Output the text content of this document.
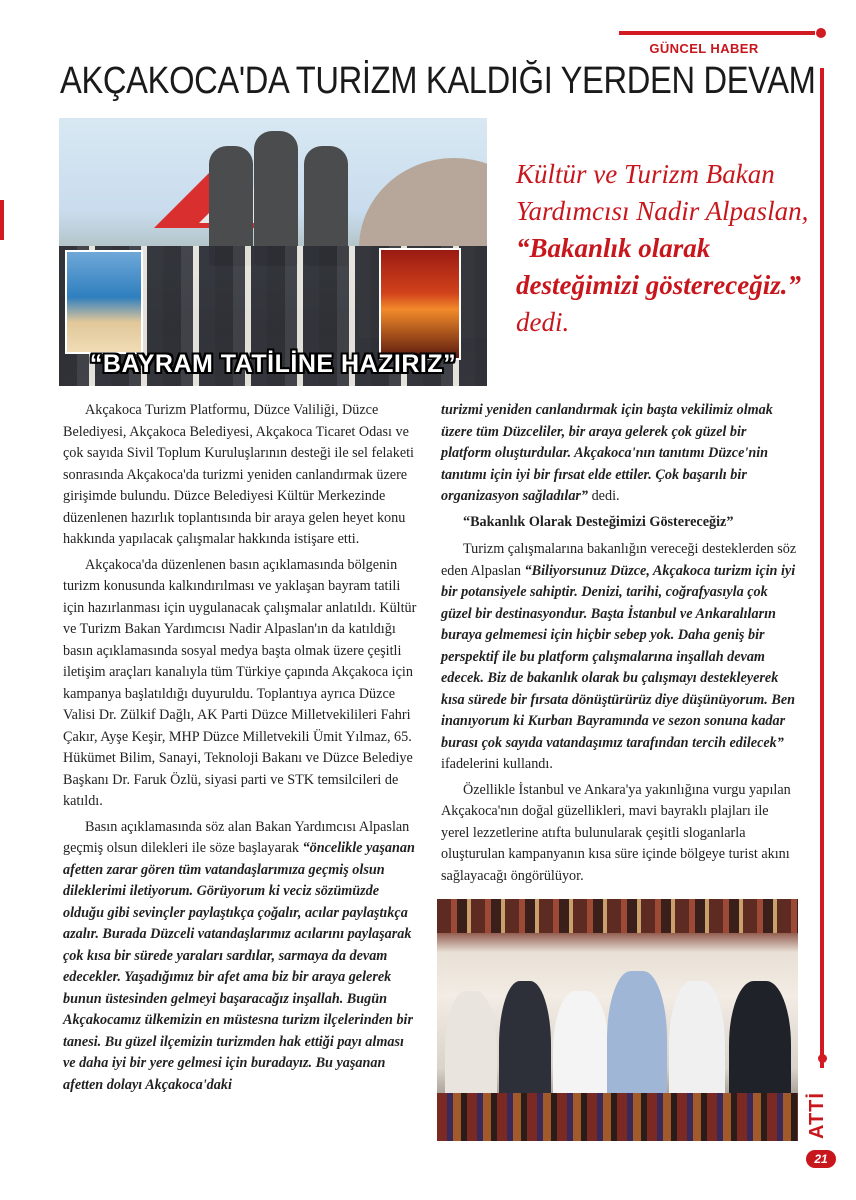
GÜNCEL HABER
AKÇAKOCA'DA TURİZM KALDIĞI YERDEN DEVAM
“BAYRAM TATİLİNE HAZIRIZ”
Kültür ve Turizm Bakan Yardımcısı Nadir Alpaslan, “Bakanlık olarak desteğimizi göstereceğiz.” dedi.

Akçakoca Turizm Platformu, Düzce Valiliği, Düzce Belediyesi, Akçakoca Belediyesi, Akçakoca Ticaret Odası ve çok sayıda Sivil Toplum Kuruluşlarının desteği ile sel felaketi sonrasında Akçakoca'da turizmi yeniden canlandırmak üzere girişimde bulundu. Düzce Belediyesi Kültür Merkezinde düzenlenen hazırlık toplantısında bir araya gelen heyet konu hakkında yapılacak çalışmalar hakkında istişare etti.

Akçakoca'da düzenlenen basın açıklamasında bölgenin turizm konusunda kalkındırılması ve yaklaşan bayram tatili için hazırlanması için uygulanacak çalışmalar anlatıldı. Kültür ve Turizm Bakan Yardımcısı Nadir Alpaslan'ın da katıldığı basın açıklamasında sosyal medya başta olmak üzere çeşitli iletişim araçları kanalıyla tüm Türkiye çapında Akçakoca için kampanya başlatıldığı duyuruldu. Toplantıya ayrıca Düzce Valisi Dr. Zülkif Dağlı, AK Parti Düzce Milletvekilileri Fahri Çakır, Ayşe Keşir, MHP Düzce Milletvekili Ümit Yılmaz, 65. Hükümet Bilim, Sanayi, Teknoloji Bakanı ve Düzce Belediye Başkanı Dr. Faruk Özlü, siyasi parti ve STK temsilcileri de katıldı.

Basın açıklamasında söz alan Bakan Yardımcısı Alpaslan geçmiş olsun dilekleri ile söze başlayarak “öncelikle yaşanan afetten zarar gören tüm vatandaşlarımıza geçmiş olsun dileklerimi iletiyorum. Görüyorum ki veciz sözümüzde olduğu gibi sevinçler paylaştıkça çoğalır, acılar paylaştıkça azalır. Burada Düzceli vatandaşlarımız acılarını paylaşarak çok kısa bir sürede yaraları sardılar, sarmaya da devam edecekler. Yaşadığımız bir afet ama biz bir araya gelerek bunun üstesinden gelmeyi başaracağız inşallah. Bugün Akçakocamız ülkemizin en müstesna turizm ilçelerinden bir tanesi. Bu güzel ilçemizin turizmden hak ettiği payı alması ve daha iyi bir yere gelmesi için buradayız. Bu yaşanan afetten dolayı Akçakoca'daki

turizmi yeniden canlandırmak için başta vekilimiz olmak üzere tüm Düzceliler, bir araya gelerek çok güzel bir platform oluşturdular. Akçakoca'nın tanıtımı Düzce'nin tanıtımı için iyi bir fırsat elde ettiler. Çok başarılı bir organizasyon sağladılar” dedi.

“Bakanlık Olarak Desteğimizi Göstereceğiz”

Turizm çalışmalarına bakanlığın vereceği desteklerden söz eden Alpaslan “Biliyorsunuz Düzce, Akçakoca turizm için iyi bir potansiyele sahiptir. Denizi, tarihi, coğrafyasıyla çok güzel bir destinasyondur. Başta İstanbul ve Ankaralıların buraya gelmemesi için hiçbir sebep yok. Daha geniş bir perspektif ile bu platform çalışmalarına inşallah devam edecek. Biz de bakanlık olarak bu çalışmayı destekleyerek kısa sürede bir fırsata dönüştürürüz diye düşünüyorum. Ben inanıyorum ki Kurban Bayramında ve sezon sonuna kadar burası çok sayıda vatandaşımız tarafından tercih edilecek” ifadelerini kullandı.

Özellikle İstanbul ve Ankara'ya yakınlığına vurgu yapılan Akçakoca'nın doğal güzellikleri, mavi bayraklı plajları ile yerel lezzetlerine atıfta bulunularak çeşitli sloganlarla oluşturulan kampanyanın kısa süre içinde bölgeye turist akını sağlayacağı öngörülüyor.

ATTİ
21
